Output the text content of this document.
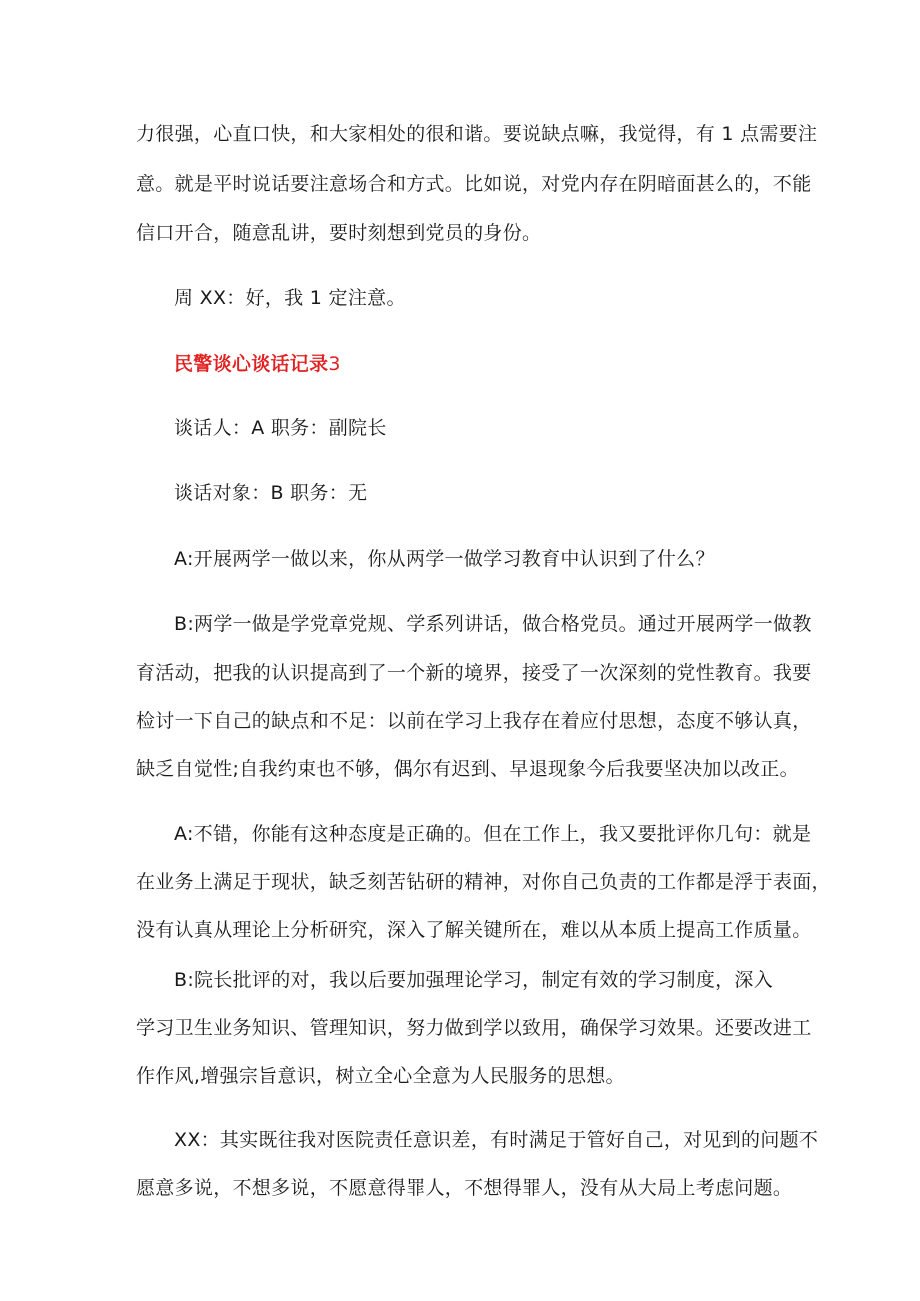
力很强，心直口快，和大家相处的很和谐。要说缺点嘛，我觉得，有 1 点需要注
意。就是平时说话要注意场合和方式。比如说，对党内存在阴暗面甚么的，不能
信口开合，随意乱讲，要时刻想到党员的身份。
周 XX：好，我 1 定注意。
民警谈心谈话记录3
谈话人：A 职务：副院长
谈话对象：B 职务：无
A:开展两学一做以来，你从两学一做学习教育中认识到了什么？
B:两学一做是学党章党规、学系列讲话，做合格党员。通过开展两学一做教
育活动，把我的认识提高到了一个新的境界，接受了一次深刻的党性教育。我要
检讨一下自己的缺点和不足：以前在学习上我存在着应付思想，态度不够认真，
缺乏自觉性;自我约束也不够，偶尔有迟到、早退现象今后我要坚决加以改正。
A:不错，你能有这种态度是正确的。但在工作上，我又要批评你几句：就是
在业务上满足于现状，缺乏刻苦钻研的精神，对你自己负责的工作都是浮于表面，
没有认真从理论上分析研究，深入了解关键所在，难以从本质上提高工作质量。
B:院长批评的对，我以后要加强理论学习，制定有效的学习制度，深入
学习卫生业务知识、管理知识，努力做到学以致用，确保学习效果。还要改进工
作作风,增强宗旨意识，树立全心全意为人民服务的思想。
XX：其实既往我对医院责任意识差，有时满足于管好自己，对见到的问题不
愿意多说，不想多说，不愿意得罪人，不想得罪人，没有从大局上考虑问题。
